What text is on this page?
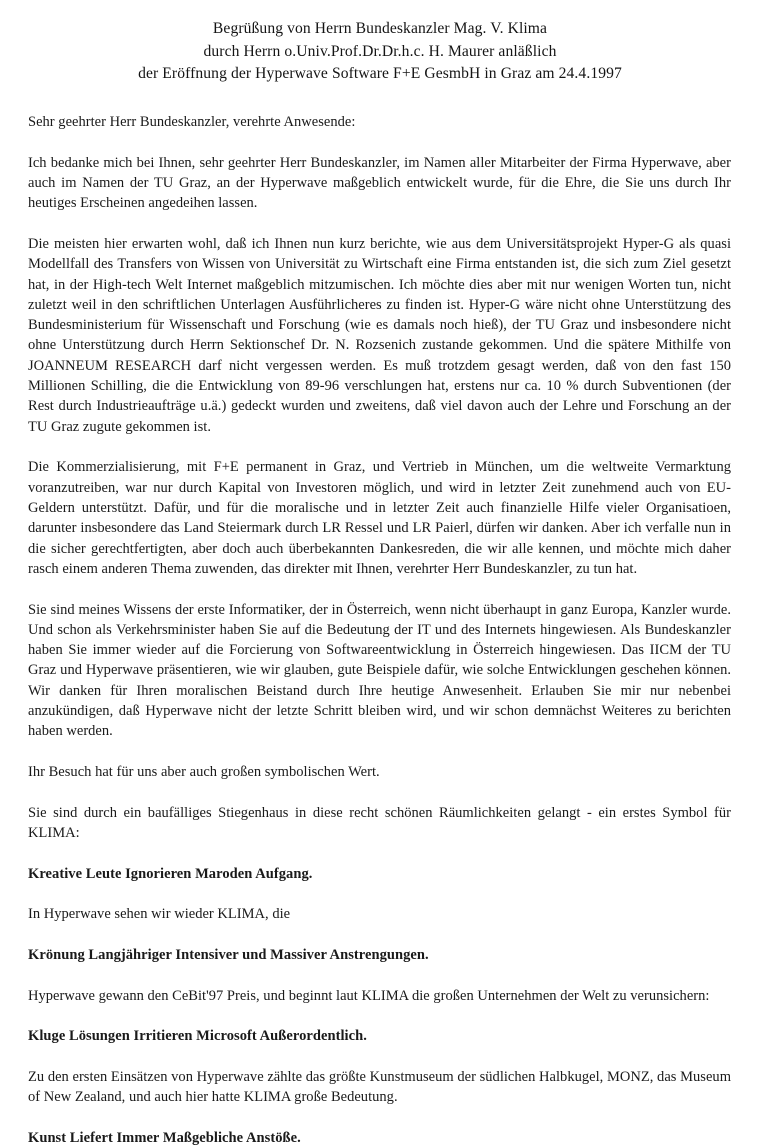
Begrüßung von Herrn Bundeskanzler Mag. V. Klima
durch Herrn o.Univ.Prof.Dr.Dr.h.c. H. Maurer anläßlich
der Eröffnung der Hyperwave Software F+E GesmbH in Graz am 24.4.1997

Sehr geehrter Herr Bundeskanzler, verehrte Anwesende:

Ich bedanke mich bei Ihnen, sehr geehrter Herr Bundeskanzler, im Namen aller Mitarbeiter der Firma Hyperwave, aber auch im Namen der TU Graz, an der Hyperwave maßgeblich entwickelt wurde, für die Ehre, die Sie uns durch Ihr heutiges Erscheinen angedeihen lassen.

Die meisten hier erwarten wohl, daß ich Ihnen nun kurz berichte, wie aus dem Universitätsprojekt Hyper-G als quasi Modellfall des Transfers von Wissen von Universität zu Wirtschaft eine Firma entstanden ist, die sich zum Ziel gesetzt hat, in der High-tech Welt Internet maßgeblich mitzumischen. Ich möchte dies aber mit nur wenigen Worten tun, nicht zuletzt weil in den schriftlichen Unterlagen Ausführlicheres zu finden ist. Hyper-G wäre nicht ohne Unterstützung des Bundesministerium für Wissenschaft und Forschung (wie es damals noch hieß), der TU Graz und insbesondere nicht ohne Unterstützung durch Herrn Sektionschef Dr. N. Rozsenich zustande gekommen. Und die spätere Mithilfe von JOANNEUM RESEARCH darf nicht vergessen werden. Es muß trotzdem gesagt werden, daß von den fast 150 Millionen Schilling, die die Entwicklung von 89-96 verschlungen hat, erstens nur ca. 10 % durch Subventionen (der Rest durch Industrieaufträge u.ä.) gedeckt wurden und zweitens, daß viel davon auch der Lehre und Forschung an der TU Graz zugute gekommen ist.

Die Kommerzialisierung, mit F+E permanent in Graz, und Vertrieb in München, um die weltweite Vermarktung voranzutreiben, war nur durch Kapital von Investoren möglich, und wird in letzter Zeit zunehmend auch von EU-Geldern unterstützt. Dafür, und für die moralische und in letzter Zeit auch finanzielle Hilfe vieler Organisatioen, darunter insbesondere das Land Steiermark durch LR Ressel und LR Paierl, dürfen wir danken. Aber ich verfalle nun in die sicher gerechtfertigten, aber doch auch überbekannten Dankesreden, die wir alle kennen, und möchte mich daher rasch einem anderen Thema zuwenden, das direkter mit Ihnen, verehrter Herr Bundeskanzler, zu tun hat.

Sie sind meines Wissens der erste Informatiker, der in Österreich, wenn nicht überhaupt in ganz Europa, Kanzler wurde. Und schon als Verkehrsminister haben Sie auf die Bedeutung der IT und des Internets hingewiesen. Als Bundeskanzler haben Sie immer wieder auf die Forcierung von Softwareentwicklung in Österreich hingewiesen. Das IICM der TU Graz und Hyperwave präsentieren, wie wir glauben, gute Beispiele dafür, wie solche Entwicklungen geschehen können. Wir danken für Ihren moralischen Beistand durch Ihre heutige Anwesenheit. Erlauben Sie mir nur nebenbei anzukündigen, daß Hyperwave nicht der letzte Schritt bleiben wird, und wir schon demnächst Weiteres zu berichten haben werden.

Ihr Besuch hat für uns aber auch großen symbolischen Wert.

Sie sind durch ein baufälliges Stiegenhaus in diese recht schönen Räumlichkeiten gelangt - ein erstes Symbol für KLIMA:

Kreative Leute Ignorieren Maroden Aufgang.

In Hyperwave sehen wir wieder KLIMA, die

Krönung Langjähriger Intensiver und Massiver Anstrengungen.

Hyperwave gewann den CeBit'97 Preis, und beginnt laut KLIMA die großen Unternehmen der Welt zu verunsichern:

Kluge Lösungen Irritieren Microsoft Außerordentlich.

Zu den ersten Einsätzen von Hyperwave zählte das größte Kunstmuseum der südlichen Halbkugel, MONZ, das Museum of New Zealand, und auch hier hatte KLIMA große Bedeutung.

Kunst Liefert Immer Maßgebliche Anstöße.
